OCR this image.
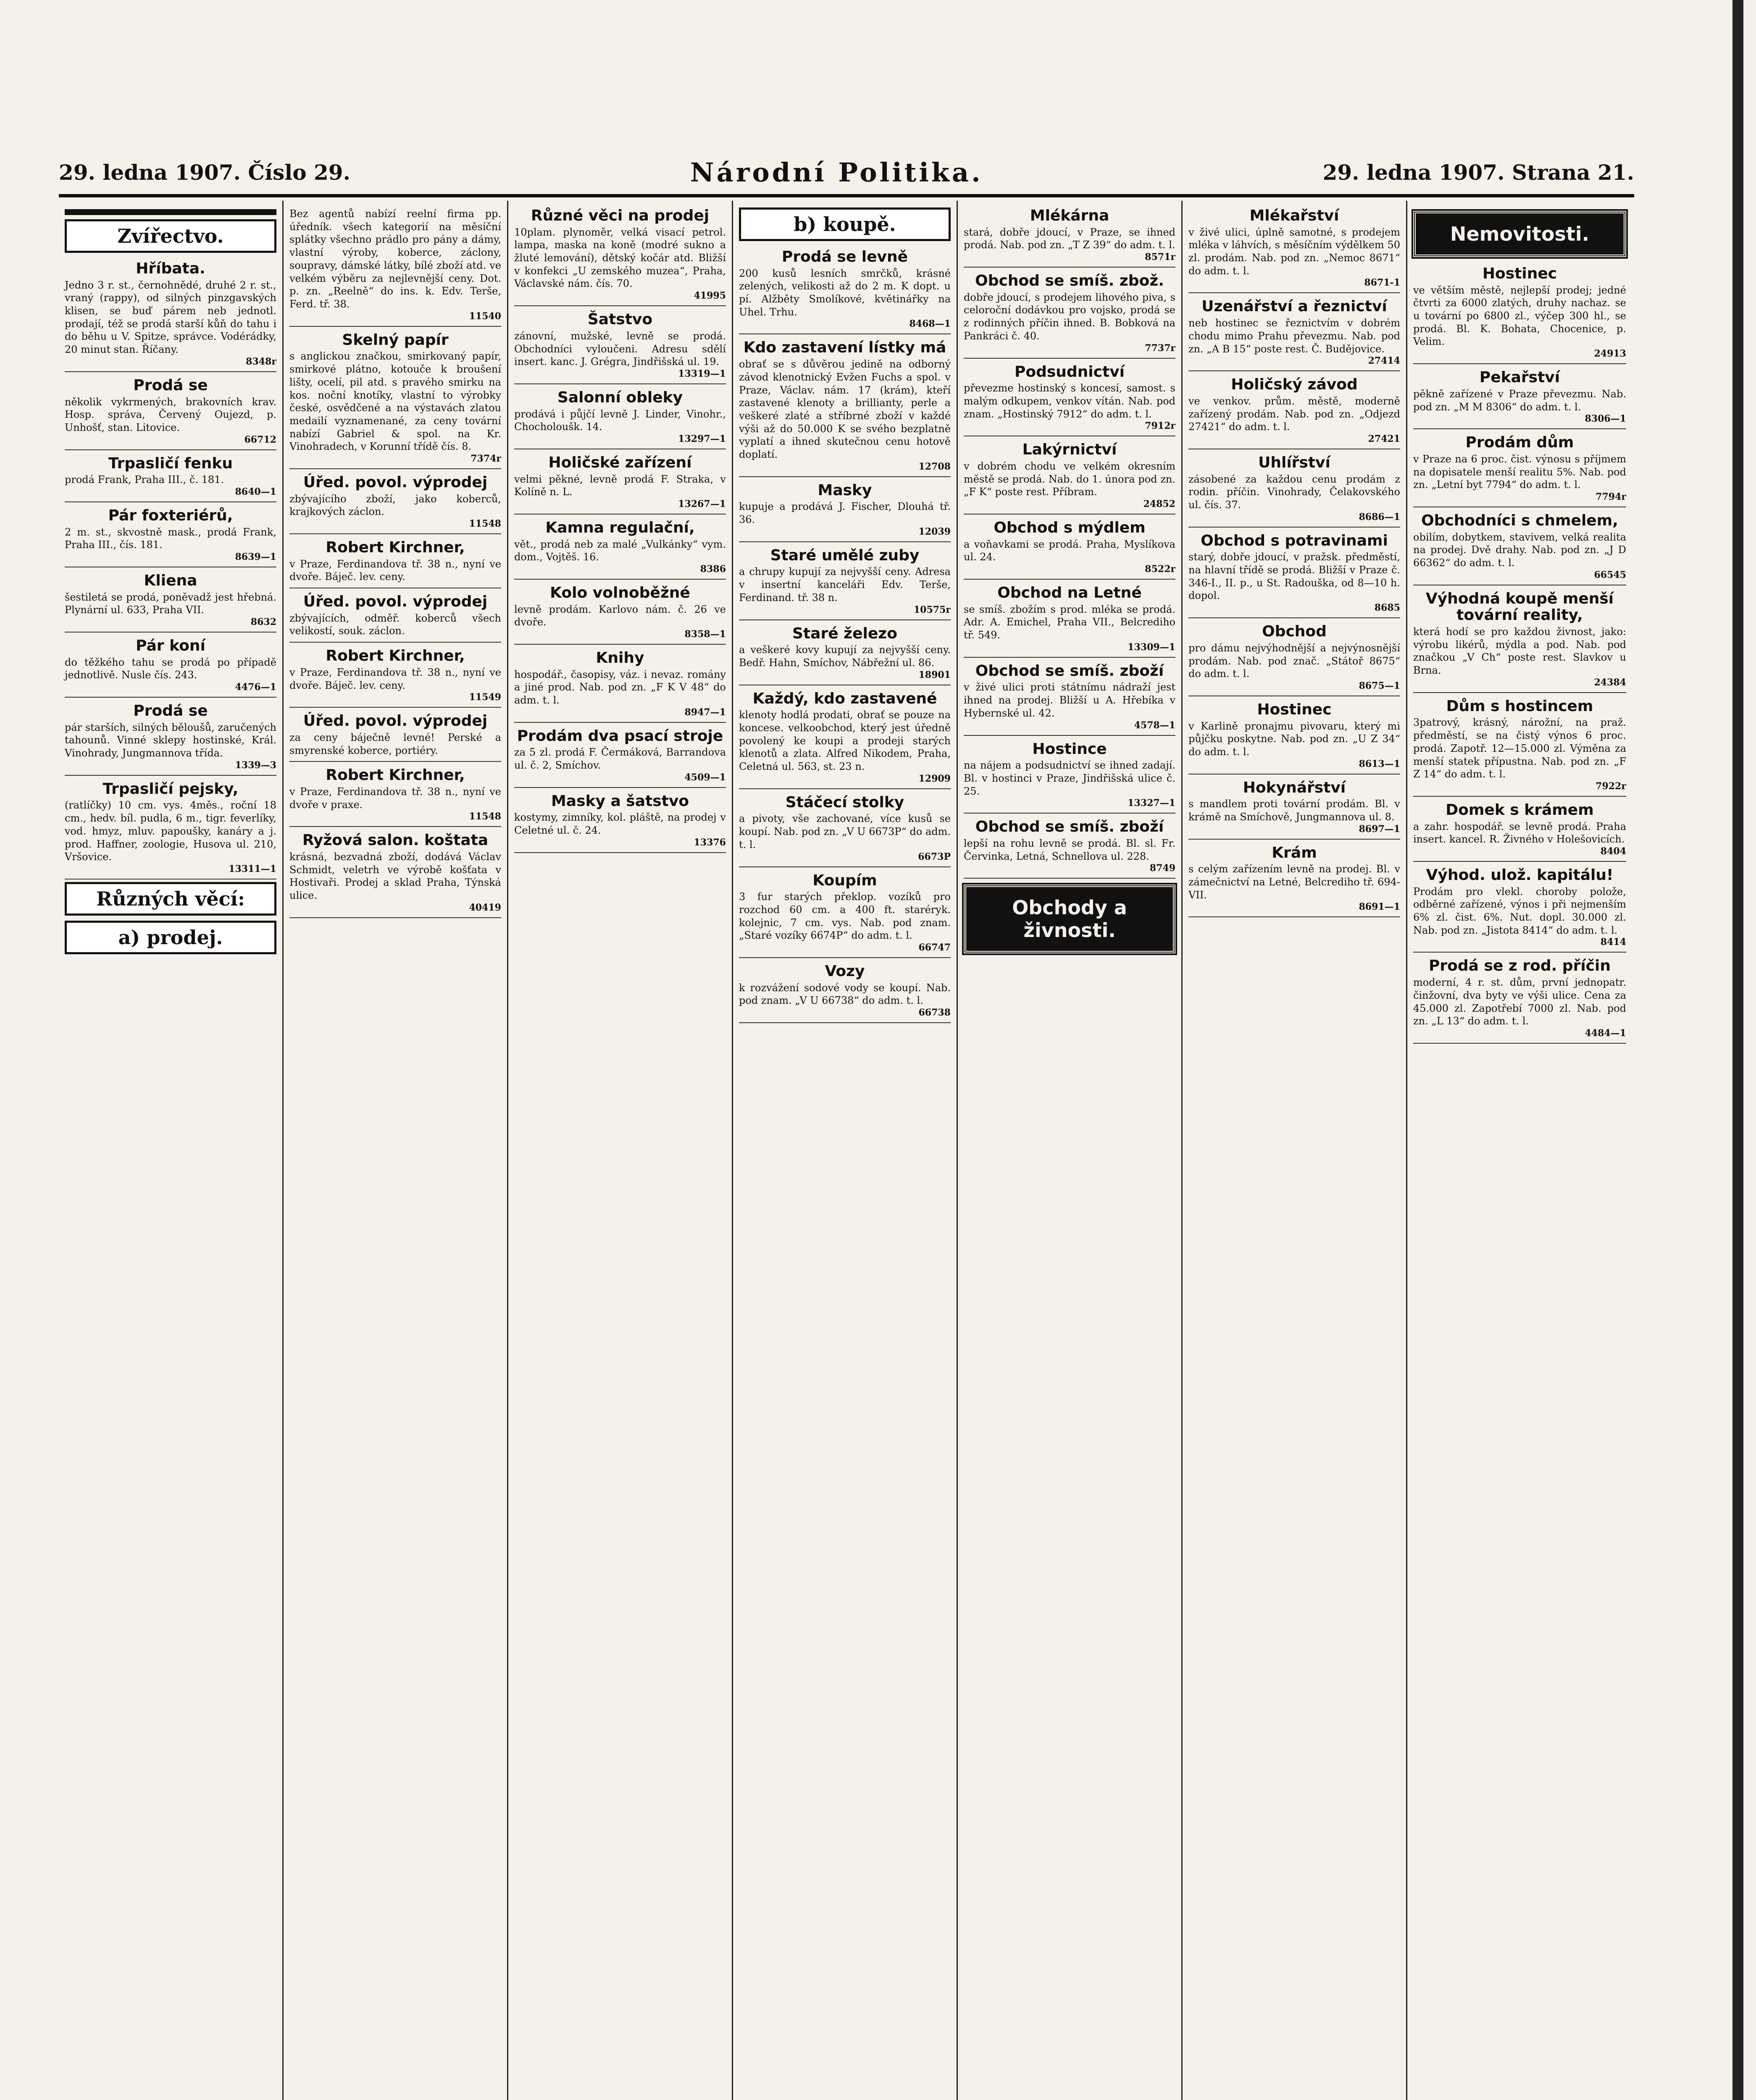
29. ledna 1907. Číslo 29.	Národní Politika.	29. ledna 1907. Strana 21.
Zvířectvo.
Hříbata.

Jedno 3 r. st., černohnědé, druhé 2 r. st., vraný (rappy), od silných pinzgavských klisen, se buď párem neb jednotl. prodají, též se prodá starší kůň do tahu i do běhu u V. Spitze, správce. Vodérádky, 20 minut stan. Říčany.

8348r
Prodá se

několik vykrmených, brakovních krav. Hosp. správa, Červený Oujezd, p. Unhošť, stan. Litovice.

66712
Trpasličí fenku

prodá Frank, Praha III., č. 181.

8640—1
Pár foxteriérů,

2 m. st., skvostně mask., prodá Frank, Praha III., čís. 181.

8639—1
Kliena

šestiletá se prodá, poněvadž jest hřebná. Plynární ul. 633, Praha VII.

8632
Pár koní

do těžkého tahu se prodá po případě jednotlivě. Nusle čís. 243.

4476—1
Prodá se

pár starších, silných běloušů, zaručených tahounů. Vinné sklepy hostinské, Král. Vinohrady, Jungmannova třída.

1339—3
Trpasličí pejsky,

(ratlíčky) 10 cm. vys. 4měs., roční 18 cm., hedv. bíl. pudla, 6 m., tigr. feverlíky, vod. hmyz, mluv. papoušky, kanáry a j. prod. Haffner, zoologie, Husova ul. 210, Vršovice.

13311—1
Různých věcí:
a) prodej.

Bez agentů nabízí reelní firma pp. úředník. všech kategorií na měsíční splátky všechno prádlo pro pány a dámy, vlastní výroby, koberce, záclony, soupravy, dámské látky, bílé zboží atd. ve velkém výběru za nejlevnější ceny. Dot. p. zn. „Reelně“ do ins. k. Edv. Terše, Ferd. tř. 38.

11540
Skelný papír

s anglickou značkou, smirkovaný papír, smirkové plátno, kotouče k broušení lišty, ocelí, pil atd. s pravého smirku na kos. noční knotíky, vlastní to výrobky české, osvědčené a na výstavách zlatou medailí vyznamenané, za ceny tovární nabízí Gabriel & spol. na Kr. Vinohradech, v Korunní třídě čís. 8.

7374r
Úřed. povol. výprodej

zbývajícího zboží, jako koberců, krajkových záclon.

11548
Robert Kirchner,

v Praze, Ferdinandova tř. 38 n., nyní ve dvoře. Báječ. lev. ceny.

Úřed. povol. výprodej

zbývajících, odměř. koberců všech velikostí, souk. záclon.

Robert Kirchner,

v Praze, Ferdinandova tř. 38 n., nyní ve dvoře. Báječ. lev. ceny.

11549
Úřed. povol. výprodej

za ceny báječně levné! Perské a smyrenské koberce, portiéry.

Robert Kirchner,

v Praze, Ferdinandova tř. 38 n., nyní ve dvoře v praxe.

11548
Ryžová salon. koštata

krásná, bezvadná zboží, dodává Václav Schmidt, veletrh ve výrobě košťata v Hostivaři. Prodej a sklad Praha, Týnská ulice.

40419
Různé věci na prodej

10plam. plynoměr, velká visací petrol. lampa, maska na koně (modré sukno a žluté lemování), dětský kočár atd. Bližší v konfekci „U zemského muzea“, Praha, Václavské nám. čís. 70.

41995
Šatstvo

zánovní, mužské, levně se prodá. Obchodníci vyloučeni. Adresu sdělí insert. kanc. J. Grégra, Jindřišská ul. 19.

13319—1
Salonní obleky

prodává i půjčí levně J. Linder, Vinohr., Chocholoušk. 14.

13297—1
Holičské zařízení

velmi pěkné, levně prodá F. Straka, v Kolíně n. L.

13267—1
Kamna regulační,

vět., prodá neb za malé „Vulkánky“ vym. dom., Vojtěš. 16.

8386
Kolo volnoběžné

levně prodám. Karlovo nám. č. 26 ve dvoře.

8358—1
Knihy

hospodář., časopisy, váz. i nevaz. romány a jiné prod. Nab. pod zn. „F K V 48“ do adm. t. l.

8947—1
Prodám dva psací stroje

za 5 zl. prodá F. Čermáková, Barrandova ul. č. 2, Smíchov.

4509—1
Masky a šatstvo

kostymy, zimníky, kol. pláště, na prodej v Celetné ul. č. 24.

13376
b) koupě.
Prodá se levně

200 kusů lesních smrčků, krásné zelených, velikosti až do 2 m. K dopt. u pí. Alžběty Smolíkové, květinářky na Uhel. Trhu.

8468—1
Kdo zastavení lístky má

obrať se s důvěrou jedině na odborný závod klenotnický Evžen Fuchs a spol. v Praze, Václav. nám. 17 (krám), kteří zastavené klenoty a brillianty, perle a veškeré zlaté a stříbrné zboží v každé výši až do 50.000 K se svého bezplatně vyplatí a ihned skutečnou cenu hotově doplatí.

12708
Masky

kupuje a prodává J. Fischer, Dlouhá tř. 36.

12039
Staré umělé zuby

a chrupy kupují za nejvyšší ceny. Adresa v insertní kanceláři Edv. Terše, Ferdinand. tř. 38 n.

10575r
Staré železo

a veškeré kovy kupují za nejvyšší ceny. Bedř. Hahn, Smíchov, Nábřežní ul. 86.

18901
Každý, kdo zastavené

klenoty hodlá prodati, obrať se pouze na koncese. velkoobchod, který jest úředně povolený ke koupi a prodeji starých klenotů a zlata. Alfred Nikodem, Praha, Celetná ul. 563, st. 23 n.

12909
Stáčecí stolky

a pivoty, vše zachované, více kusů se koupí. Nab. pod zn. „V U 6673P“ do adm. t. l.

6673P
Koupím

3 fur starých překlop. vozíků pro rozchod 60 cm. a 400 ft. staréryk. kolejnic, 7 cm. vys. Nab. pod znam. „Staré vozíky 6674P“ do adm. t. l.

66747
Vozy

k rozvážení sodové vody se koupí. Nab. pod znam. „V U 66738“ do adm. t. l.

66738
Mlékárna

stará, dobře jdoucí, v Praze, se ihned prodá. Nab. pod zn. „T Z 39“ do adm. t. l.

8571r
Obchod se smíš. zbož.

dobře jdoucí, s prodejem lihového piva, s celoroční dodávkou pro vojsko, prodá se z rodinných příčin ihned. B. Bobková na Pankráci č. 40.

7737r
Podsudnictví

převezme hostinský s koncesí, samost. s malým odkupem, venkov vítán. Nab. pod znam. „Hostinský 7912“ do adm. t. l.

7912r
Lakýrnictví

v dobrém chodu ve velkém okresním městě se prodá. Nab. do 1. února pod zn. „F K“ poste rest. Příbram.

24852
Obchod s mýdlem

a voňavkami se prodá. Praha, Myslíkova ul. 24.

8522r
Obchod na Letné

se smíš. zbožím s prod. mléka se prodá. Adr. A. Emichel, Praha VII., Belcrediho tř. 549.

13309—1
Obchod se smíš. zboží

v živé ulici proti státnímu nádraží jest ihned na prodej. Bližší u A. Hřebíka v Hybernské ul. 42.

4578—1
Hostince

na nájem a podsudnictví se ihned zadají. Bl. v hostinci v Praze, Jindřišská ulice č. 25.

13327—1
Obchod se smíš. zboží

lepší na rohu levně se prodá. Bl. sl. Fr. Červinka, Letná, Schnellova ul. 228.

8749
Obchody a živnosti.
Mlékařství

v živé ulici, úplně samotné, s prodejem mléka v láhvích, s měsíčním výdělkem 50 zl. prodám. Nab. pod zn. „Nemoc 8671“ do adm. t. l.

8671-1
Uzenářství a řeznictví

neb hostinec se řeznictvím v dobrém chodu mimo Prahu převezmu. Nab. pod zn. „A B 15“ poste rest. Č. Budějovice.

27414
Holičský závod

ve venkov. prům. městě, moderně zařízený prodám. Nab. pod zn. „Odjezd 27421“ do adm. t. l.

27421
Uhlířství

zásobené za každou cenu prodám z rodin. příčin. Vinohrady, Čelakovského ul. čís. 37.

8686—1
Obchod s potravinami

starý, dobře jdoucí, v pražsk. předměstí, na hlavní třídě se prodá. Bližší v Praze č. 346-I., II. p., u St. Radouška, od 8—10 h. dopol.

8685
Obchod

pro dámu nejvýhodnější a nejvýnosnější prodám. Nab. pod znač. „Státoř 8675“ do adm. t. l.

8675—1
Hostinec

v Karlině pronajmu pivovaru, který mi půjčku poskytne. Nab. pod zn. „U Z 34“ do adm. t. l.

8613—1
Hokynářství

s mandlem proti tovární prodám. Bl. v krámě na Smíchově, Jungmannova ul. 8.

8697—1
Krám

s celým zařízením levně na prodej. Bl. v zámečnictví na Letné, Belcrediho tř. 694-VII.

8691—1
Nemovitosti.
Hostinec

ve větším městě, nejlepší prodej; jedné čtvrti za 6000 zlatých, druhy nachaz. se u tovární po 6800 zl., výčep 300 hl., se prodá. Bl. K. Bohata, Chocenice, p. Velim.

24913
Pekařství

pěkně zařízené v Praze převezmu. Nab. pod zn. „M M 8306“ do adm. t. l.

8306—1
Prodám dům

v Praze na 6 proc. čist. výnosu s příjmem na dopisatele menší realitu 5%. Nab. pod zn. „Letní byt 7794“ do adm. t. l.

7794r
Obchodníci s chmelem,

obilím, dobytkem, stavivem, velká realita na prodej. Dvě drahy. Nab. pod zn. „J D 66362“ do adm. t. l.

66545
Výhodná koupě menší tovární reality,

která hodí se pro každou živnost, jako: výrobu likérů, mýdla a pod. Nab. pod značkou „V Ch“ poste rest. Slavkov u Brna.

24384
Dům s hostincem

3patrový, krásný, nárožní, na praž. předměstí, se na čistý výnos 6 proc. prodá. Zapotř. 12—15.000 zl. Výměna za menší statek přípustna. Nab. pod zn. „F Z 14“ do adm. t. l.

7922r
Domek s krámem

a zahr. hospodář. se levně prodá. Praha insert. kancel. R. Živného v Holešovicích.

8404
Výhod. ulož. kapitálu!

Prodám pro vlekl. choroby polože, odběrné zařízené, výnos i při nejmenším 6% zl. čist. 6%. Nut. dopl. 30.000 zl. Nab. pod zn. „Jistota 8414“ do adm. t. l.

8414
Prodá se z rod. příčin

moderní, 4 r. st. dům, první jednopatr. činžovní, dva byty ve výši ulice. Cena za 45.000 zl. Zapotřebí 7000 zl. Nab. pod zn. „L 13“ do adm. t. l.

4484—1
